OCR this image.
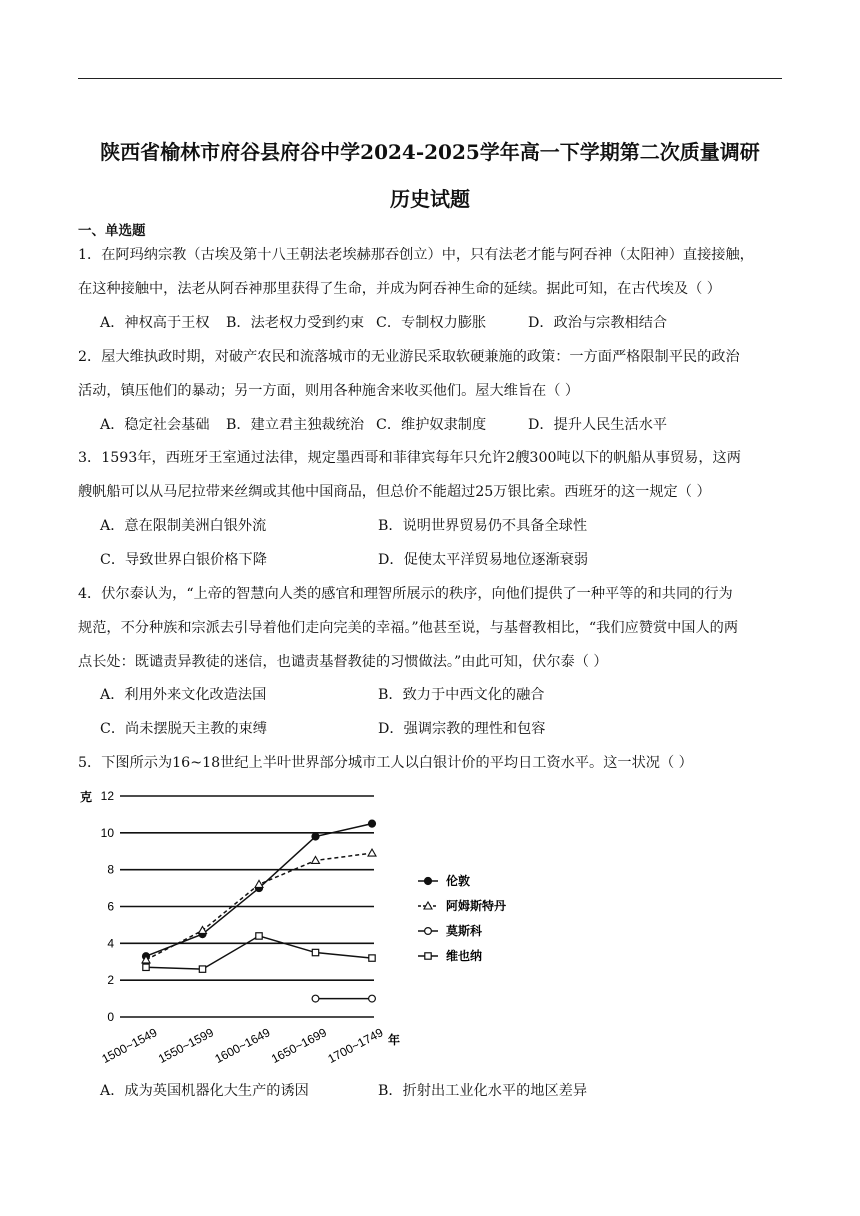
陕西省榆林市府谷县府谷中学2024-2025学年高一下学期第二次质量调研
历史试题
一、单选题
1．在阿玛纳宗教（古埃及第十八王朝法老埃赫那吞创立）中，只有法老才能与阿吞神（太阳神）直接接触，
在这种接触中，法老从阿吞神那里获得了生命，并成为阿吞神生命的延续。据此可知，在古代埃及（ ）
A．神权高于王权 B．法老权力受到约束 C．专制权力膨胀	D．政治与宗教相结合
2．屋大维执政时期，对破产农民和流落城市的无业游民采取软硬兼施的政策：一方面严格限制平民的政治
活动，镇压他们的暴动；另一方面，则用各种施舍来收买他们。屋大维旨在（ ）
A．稳定社会基础 B．建立君主独裁统治 C．维护奴隶制度	D．提升人民生活水平
3．1593年，西班牙王室通过法律，规定墨西哥和菲律宾每年只允许2艘300吨以下的帆船从事贸易，这两
艘帆船可以从马尼拉带来丝绸或其他中国商品，但总价不能超过25万银比索。西班牙的这一规定（ ）
A．意在限制美洲白银外流	B．说明世界贸易仍不具备全球性
C．导致世界白银价格下降	D．促使太平洋贸易地位逐渐衰弱
4．伏尔泰认为，“上帝的智慧向人类的感官和理智所展示的秩序，向他们提供了一种平等的和共同的行为
规范，不分种族和宗派去引导着他们走向完美的幸福。”他甚至说，与基督教相比，“我们应赞赏中国人的两
点长处：既谴责异教徒的迷信，也谴责基督教徒的习惯做法。”由此可知，伏尔泰（ ）
A．利用外来文化改造法国	B．致力于中西文化的融合
C．尚未摆脱天主教的束缚	D．强调宗教的理性和包容
5．下图所示为16~18世纪上半叶世界部分城市工人以白银计价的平均日工资水平。这一状况（ ）
0
2
4
6
8
10
12
克
1500~1549
1550~1599
1600~1649
1650~1699
1700~1749 年
伦敦
阿姆斯特丹
莫斯科
维也纳
A．成为英国机器化大生产的诱因	B．折射出工业化水平的地区差异
